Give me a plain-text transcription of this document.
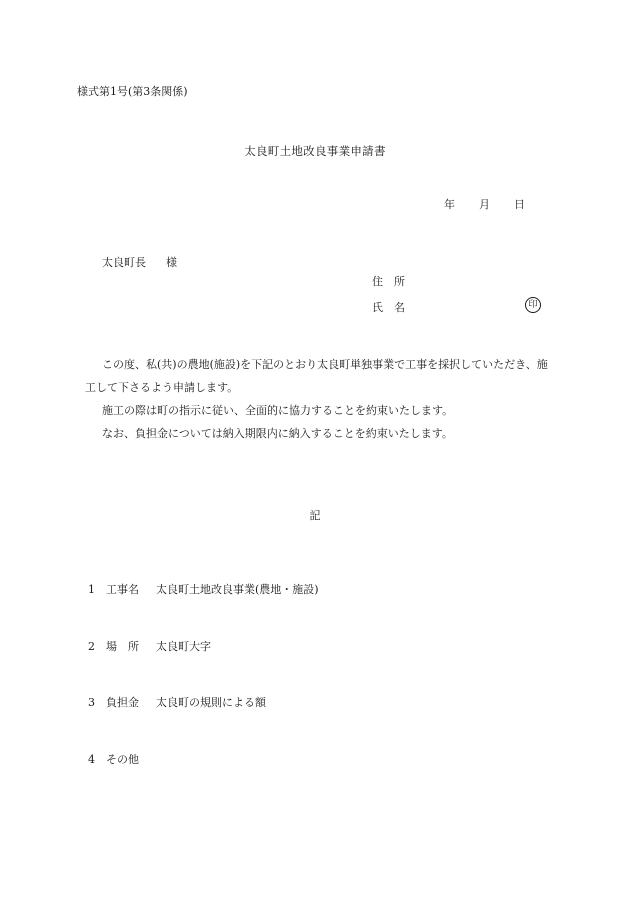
様式第1号(第3条関係)
太良町土地改良事業申請書
年 月 日
太良町長 様
住　所
氏　名	印

この度、私(共)の農地(施設)を下記のとおり太良町単独事業で工事を採択していただき、施工して下さるよう申請します。

施工の際は町の指示に従い、全面的に協力することを約束いたします。

なお、負担金については納入期限内に納入することを約束いたします。

記
1 工事名 太良町土地改良事業(農地・施設)
2 場　所 太良町大字
3 負担金 太良町の規則による額
4 その他
